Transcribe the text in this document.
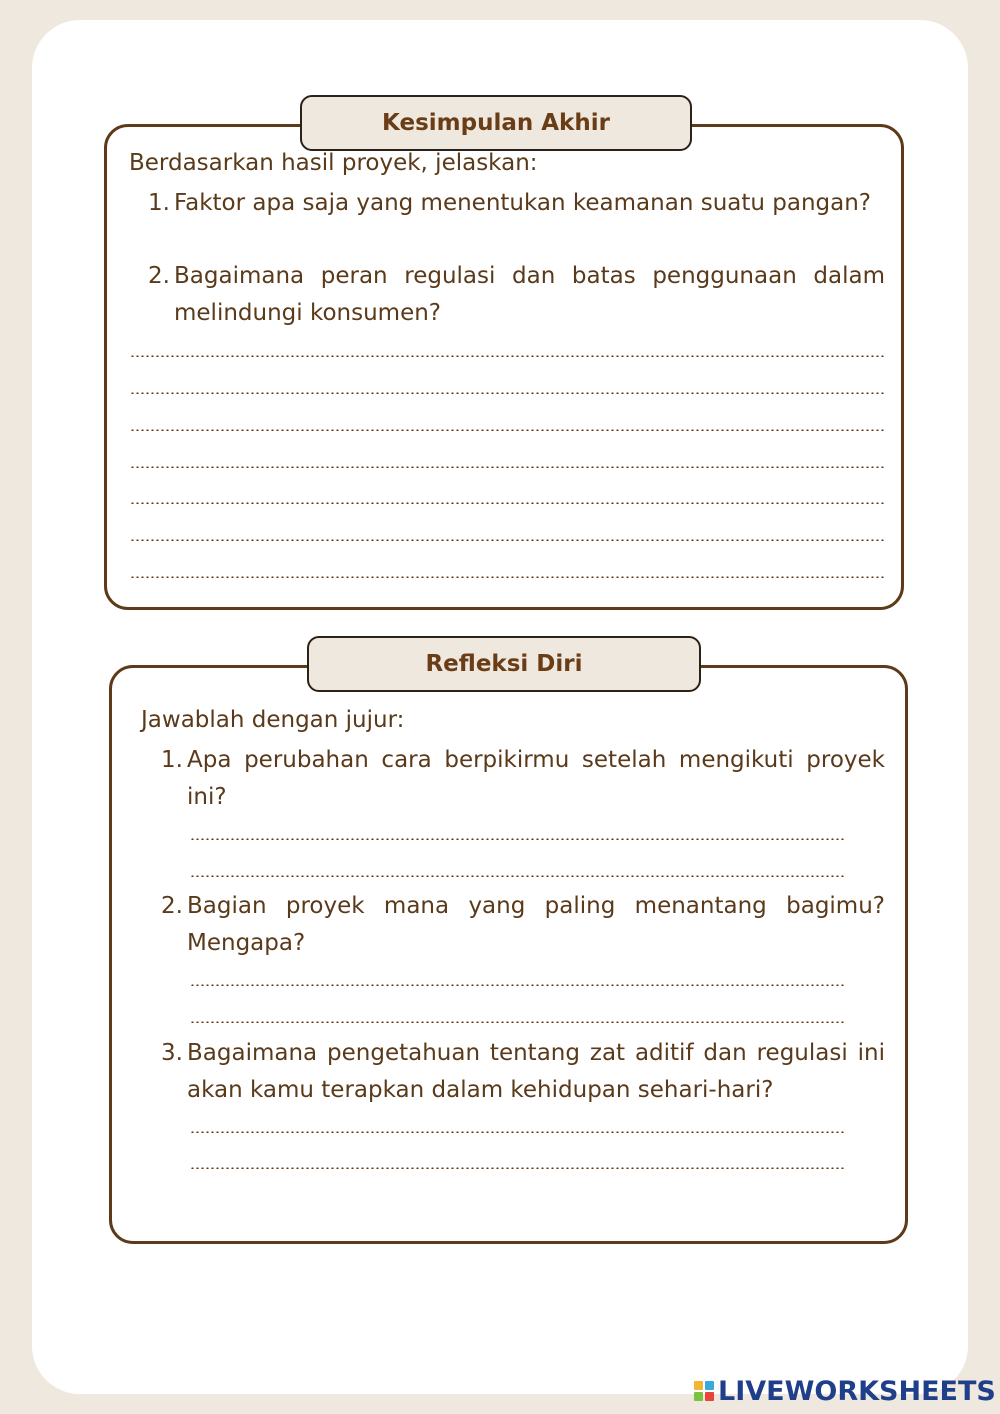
Kesimpulan Akhir
Berdasarkan hasil proyek, jelaskan:
1. Faktor apa saja yang menentukan keamanan suatu pangan?
2. Bagaimana peran regulasi dan batas penggunaan dalam melindungi konsumen?
Refleksi Diri
Jawablah dengan jujur:
1. Apa perubahan cara berpikirmu setelah mengikuti proyek ini?
2. Bagian proyek mana yang paling menantang bagimu? Mengapa?
3. Bagaimana pengetahuan tentang zat aditif dan regulasi ini akan kamu terapkan dalam kehidupan sehari-hari?
LIVEWORKSHEETS
